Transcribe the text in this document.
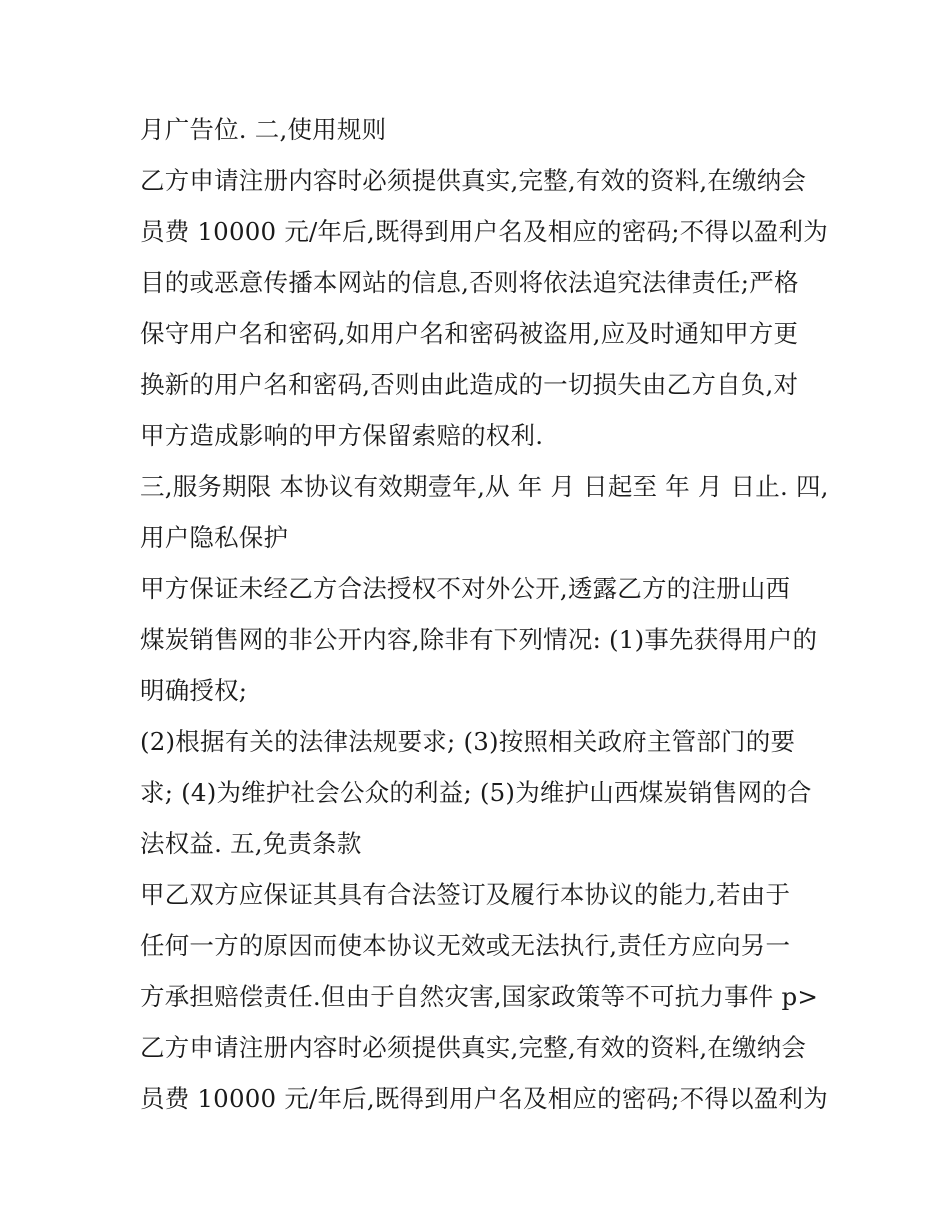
月广告位. 二,使用规则
乙方申请注册内容时必须提供真实,完整,有效的资料,在缴纳会
员费 10000 元/年后,既得到用户名及相应的密码;不得以盈利为
目的或恶意传播本网站的信息,否则将依法追究法律责任;严格
保守用户名和密码,如用户名和密码被盗用,应及时通知甲方更
换新的用户名和密码,否则由此造成的一切损失由乙方自负,对
甲方造成影响的甲方保留索赔的权利.
三,服务期限 本协议有效期壹年,从 年 月 日起至 年 月 日止. 四,
用户隐私保护
甲方保证未经乙方合法授权不对外公开,透露乙方的注册山西
煤炭销售网的非公开内容,除非有下列情况: (1)事先获得用户的
明确授权;
(2)根据有关的法律法规要求; (3)按照相关政府主管部门的要
求; (4)为维护社会公众的利益; (5)为维护山西煤炭销售网的合
法权益. 五,免责条款
甲乙双方应保证其具有合法签订及履行本协议的能力,若由于
任何一方的原因而使本协议无效或无法执行,责任方应向另一
方承担赔偿责任.但由于自然灾害,国家政策等不可抗力事件 p>
乙方申请注册内容时必须提供真实,完整,有效的资料,在缴纳会
员费 10000 元/年后,既得到用户名及相应的密码;不得以盈利为
